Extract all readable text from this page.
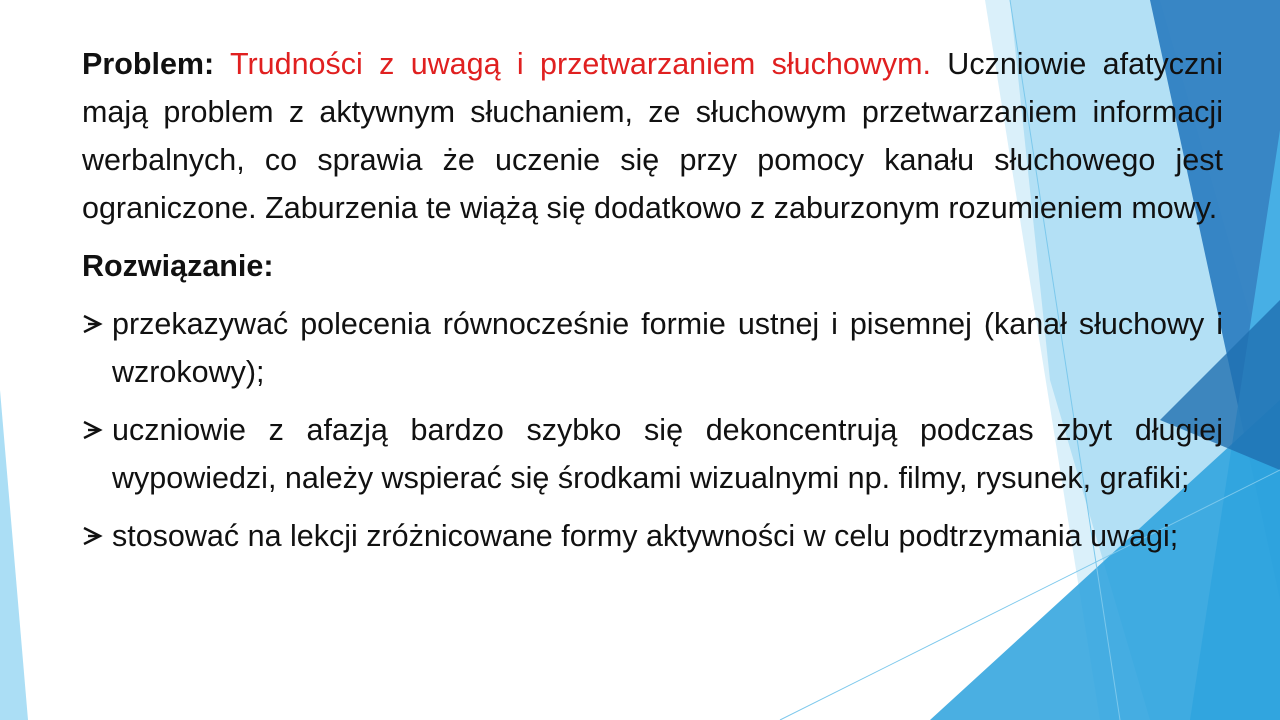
Problem: Trudności z uwagą i przetwarzaniem słuchowym. Uczniowie afatyczni mają problem z aktywnym słuchaniem, ze słuchowym przetwarzaniem informacji werbalnych, co sprawia że uczenie się przy pomocy kanału słuchowego jest ograniczone. Zaburzenia te wiążą się dodatkowo z zaburzonym rozumieniem mowy.

Rozwiązanie:

przekazywać polecenia równocześnie formie ustnej i pisemnej (kanał słuchowy i wzrokowy);
uczniowie z afazją bardzo szybko się dekoncentrują podczas zbyt długiej wypowiedzi, należy wspierać się środkami wizualnymi np. filmy, rysunek, grafiki;
stosować na lekcji zróżnicowane formy aktywności w celu podtrzymania uwagi;
